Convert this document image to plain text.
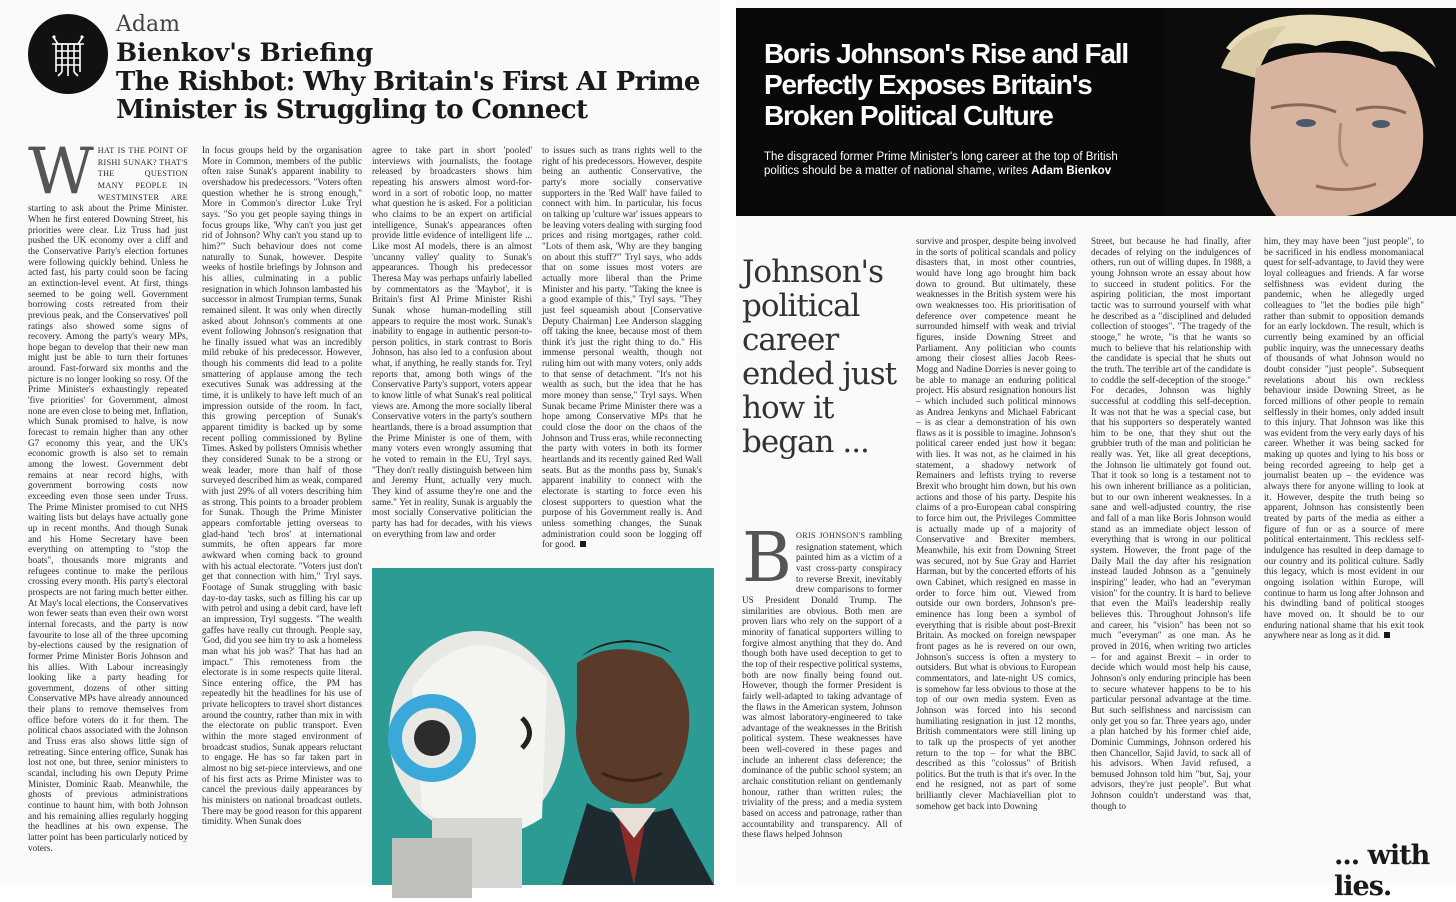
Adam
Bienkov's Briefing
The Rishbot: Why Britain's First AI Prime Minister is Struggling to Connect
W HAT IS THE POINT OF RISHI SUNAK? THAT'S THE QUESTION MANY PEOPLE IN WESTMINSTER ARE starting to ask about the Prime Minister. When he first entered Downing Street, his priorities were clear. Liz Truss had just pushed the UK economy over a cliff and the Conservative Party's election fortunes were following quickly behind. Unless he acted fast, his party could soon be facing an extinction-level event. At first, things seemed to be going well. Government borrowing costs retreated from their previous peak, and the Conservatives' poll ratings also showed some signs of recovery. Among the party's weary MPs, hope began to develop that their new man might just be able to turn their fortunes around. Fast-forward six months and the picture is no longer looking so rosy. Of the Prime Minister's exhaustingly repeated 'five priorities' for Government, almost none are even close to being met. Inflation, which Sunak promised to halve, is now forecast to remain higher than any other G7 economy this year, and the UK's economic growth is also set to remain among the lowest. Government debt remains at near record highs, with government borrowing costs now exceeding even those seen under Truss. The Prime Minister promised to cut NHS waiting lists but delays have actually gone up in recent months. And though Sunak and his Home Secretary have been everything on attempting to "stop the boats", thousands more migrants and refugees continue to make the perilous crossing every month. His party's electoral prospects are not faring much better either. At May's local elections, the Conservatives won fewer seats than even their own worst internal forecasts, and the party is now favourite to lose all of the three upcoming by-elections caused by the resignation of former Prime Minister Boris Johnson and his allies. With Labour increasingly looking like a party heading for government, dozens of other sitting Conservative MPs have already announced their plans to remove themselves from office before voters do it for them. The political chaos associated with the Johnson and Truss eras also shows little sign of retreating. Since entering office, Sunak has lost not one, but three, senior ministers to scandal, including his own Deputy Prime Minister, Dominic Raab. Meanwhile, the ghosts of previous administrations continue to haunt him, with both Johnson and his remaining allies regularly hogging the headlines at his own expense. The latter point has been particularly noticed by voters.
In focus groups held by the organisation More in Common, members of the public often raise Sunak's apparent inability to overshadow his predecessors. "Voters often question whether he is strong enough," More in Common's director Luke Tryl says. "So you get people saying things in focus groups like, 'Why can't you just get rid of Johnson? Why can't you stand up to him?'" Such behaviour does not come naturally to Sunak, however. Despite weeks of hostile briefings by Johnson and his allies, culminating in a public resignation in which Johnson lambasted his successor in almost Trumpian terms, Sunak remained silent. It was only when directly asked about Johnson's comments at one event following Johnson's resignation that he finally issued what was an incredibly mild rebuke of his predecessor. However, though his comments did lead to a polite smattering of applause among the tech executives Sunak was addressing at the time, it is unlikely to have left much of an impression outside of the room. In fact, this growing perception of Sunak's apparent timidity is backed up by some recent polling commissioned by Byline Times. Asked by pollsters Omnisis whether they considered Sunak to be a strong or weak leader, more than half of those surveyed described him as weak, compared with just 29% of all voters describing him as strong. This points to a broader problem for Sunak. Though the Prime Minister appears comfortable jetting overseas to glad-hand 'tech bros' at international summits, he often appears far more awkward when coming back to ground with his actual electorate. "Voters just don't get that connection with him," Tryl says. Footage of Sunak struggling with basic day-to-day tasks, such as filling his car up with petrol and using a debit card, have left an impression, Tryl suggests. "The wealth gaffes have really cut through. People say, 'God, did you see him try to ask a homeless man what his job was?' That has had an impact." This remoteness from the electorate is in some respects quite literal. Since entering office, the PM has repeatedly hit the headlines for his use of private helicopters to travel short distances around the country, rather than mix in with the electorate on public transport. Even within the more staged environment of broadcast studios, Sunak appears reluctant to engage. He has so far taken part in almost no big set-piece interviews, and one of his first acts as Prime Minister was to cancel the previous daily appearances by his ministers on national broadcast outlets. There may be good reason for this apparent timidity. When Sunak does
agree to take part in short 'pooled' interviews with journalists, the footage released by broadcasters shows him repeating his answers almost word-for-word in a sort of robotic loop, no matter what question he is asked. For a politician who claims to be an expert on artificial intelligence, Sunak's appearances often provide little evidence of intelligent life ... Like most AI models, there is an almost 'uncanny valley' quality to Sunak's appearances. Though his predecessor Theresa May was perhaps unfairly labelled by commentators as the 'Maybot', it is Britain's first AI Prime Minister Rishi Sunak whose human-modelling still appears to require the most work. Sunak's inability to engage in authentic person-to-person politics, in stark contrast to Boris Johnson, has also led to a confusion about what, if anything, he really stands for. Tryl reports that, among both wings of the Conservative Party's support, voters appear to know little of what Sunak's real political views are. Among the more socially liberal Conservative voters in the party's southern heartlands, there is a broad assumption that the Prime Minister is one of them, with many voters even wrongly assuming that he voted to remain in the EU, Tryl says. "They don't really distinguish between him and Jeremy Hunt, actually very much. They kind of assume they're one and the same." Yet in reality, Sunak is arguably the most socially Conservative politician the party has had for decades, with his views on everything from law and order
to issues such as trans rights well to the right of his predecessors. However, despite being an authentic Conservative, the party's more socially conservative supporters in the 'Red Wall' have failed to connect with him. In particular, his focus on talking up 'culture war' issues appears to be leaving voters dealing with surging food prices and rising mortgages, rather cold. "Lots of them ask, 'Why are they banging on about this stuff?'" Tryl says, who adds that on some issues most voters are actually more liberal than the Prime Minister and his party. "Taking the knee is a good example of this," Tryl says. "They just feel squeamish about [Conservative Deputy Chairman] Lee Anderson slagging off taking the knee, because most of them think it's just the right thing to do." His immense personal wealth, though not ruling him out with many voters, only adds to that sense of detachment. "It's not his wealth as such, but the idea that he has more money than sense," Tryl says. When Sunak became Prime Minister there was a hope among Conservative MPs that he could close the door on the chaos of the Johnson and Truss eras, while reconnecting the party with voters in both its former heartlands and its recently gained Red Wall seats. But as the months pass by, Sunak's apparent inability to connect with the electorate is starting to force even his closest supporters to question what the purpose of his Government really is. And unless something changes, the Sunak administration could soon be logging off for good.
Boris Johnson's Rise and Fall Perfectly Exposes Britain's Broken Political Culture
The disgraced former Prime Minister's long career at the top of British politics should be a matter of national shame, writes Adam Bienkov
Johnson's political career ended just how it began ...
B ORIS JOHNSON'S rambling resignation statement, which painted him as a victim of a vast cross-party conspiracy to reverse Brexit, inevitably drew comparisons to former US President Donald Trump. The similarities are obvious. Both men are proven liars who rely on the support of a minority of fanatical supporters willing to forgive almost anything that they do. And though both have used deception to get to the top of their respective political systems, both are now finally being found out. However, though the former President is fairly well-adapted to taking advantage of the flaws in the American system, Johnson was almost laboratory-engineered to take advantage of the weaknesses in the British political system. These weaknesses have been well-covered in these pages and include an inherent class deference; the dominance of the public school system; an archaic constitution reliant on gentlemanly honour, rather than written rules; the triviality of the press; and a media system based on access and patronage, rather than accountability and transparency. All of these flaws helped Johnson
survive and prosper, despite being involved in the sorts of political scandals and policy disasters that, in most other countries, would have long ago brought him back down to ground. But ultimately, these weaknesses in the British system were his own weaknesses too. His prioritisation of deference over competence meant he surrounded himself with weak and trivial figures, inside Downing Street and Parliament. Any politician who counts among their closest allies Jacob Rees-Mogg and Nadine Dorries is never going to be able to manage an enduring political project. His absurd resignation honours list – which included such political minnows as Andrea Jenkyns and Michael Fabricant – is as clear a demonstration of his own flaws as it is possible to imagine. Johnson's political career ended just how it began: with lies. It was not, as he claimed in his statement, a shadowy network of Remainers and leftists trying to reverse Brexit who brought him down, but his own actions and those of his party. Despite his claims of a pro-European cabal conspiring to force him out, the Privileges Committee is actually made up of a majority of Conservative and Brexiter members. Meanwhile, his exit from Downing Street was secured, not by Sue Gray and Harriet Harman, but by the concerted efforts of his own Cabinet, which resigned en masse in order to force him out. Viewed from outside our own borders, Johnson's pre-eminence has long been a symbol of everything that is risible about post-Brexit Britain. As mocked on foreign newspaper front pages as he is revered on our own, Johnson's success is often a mystery to outsiders. But what is obvious to European commentators, and late-night US comics, is somehow far less obvious to those at the top of our own media system. Even as Johnson was forced into his second humiliating resignation in just 12 months, British commentators were still lining up to talk up the prospects of yet another return to the top – for what the BBC described as this "colossus" of British politics. But the truth is that it's over. In the end he resigned, not as part of some brilliantly clever Machiavellian plot to somehow get back into Downing
Street, but because he had finally, after decades of relying on the indulgences of others, run out of willing dupes. In 1988, a young Johnson wrote an essay about how to succeed in student politics. For the aspiring politician, the most important tactic was to surround yourself with what he described as a "disciplined and deluded collection of stooges". "The tragedy of the stooge," he wrote, "is that he wants so much to believe that his relationship with the candidate is special that he shuts out the truth. The terrible art of the candidate is to coddle the self-deception of the stooge." For decades, Johnson was highly successful at coddling this self-deception. It was not that he was a special case, but that his supporters so desperately wanted him to be one, that they shut out the grubbier truth of the man and politician he really was. Yet, like all great deceptions, the Johnson lie ultimately got found out. That it took so long is a testament not to his own inherent brilliance as a politician, but to our own inherent weaknesses. In a sane and well-adjusted country, the rise and fall of a man like Boris Johnson would stand as an immediate object lesson of everything that is wrong in our political system. However, the front page of the Daily Mail the day after his resignation instead lauded Johnson as a "genuinely inspiring" leader, who had an "everyman vision" for the country. It is hard to believe that even the Mail's leadership really believes this. Throughout Johnson's life and career, his "vision" has been not so much "everyman" as one man. As he proved in 2016, when writing two articles – for and against Brexit – in order to decide which would most help his cause, Johnson's only enduring principle has been to secure whatever happens to be to his particular personal advantage at the time. But such selfishness and narcissism can only get you so far. Three years ago, under a plan hatched by his former chief aide, Dominic Cummings, Johnson ordered his then Chancellor, Sajid Javid, to sack all of his advisors. When Javid refused, a bemused Johnson told him "but, Saj, your advisors, they're just people". But what Johnson couldn't understand was that, though to
him, they may have been "just people", to be sacrificed in his endless monomaniacal quest for self-advantage, to Javid they were loyal colleagues and friends. A far worse selfishness was evident during the pandemic, when he allegedly urged colleagues to "let the bodies pile high" rather than submit to opposition demands for an early lockdown. The result, which is currently being examined by an official public inquiry, was the unnecessary deaths of thousands of what Johnson would no doubt consider "just people". Subsequent revelations about his own reckless behaviour inside Downing Street, as he forced millions of other people to remain selflessly in their homes, only added insult to this injury. That Johnson was like this was evident from the very early days of his career. Whether it was being sacked for making up quotes and lying to his boss or being recorded agreeing to help get a journalist beaten up – the evidence was always there for anyone willing to look at it. However, despite the truth being so apparent, Johnson has consistently been treated by parts of the media as either a figure of fun or as a source of mere political entertainment. This reckless self-indulgence has resulted in deep damage to our country and its political culture. Sadly this legacy, which is most evident in our ongoing isolation within Europe, will continue to harm us long after Johnson and his dwindling band of political stooges have moved on. It should be to our enduring national shame that his exit took anywhere near as long as it did.
... with lies.
